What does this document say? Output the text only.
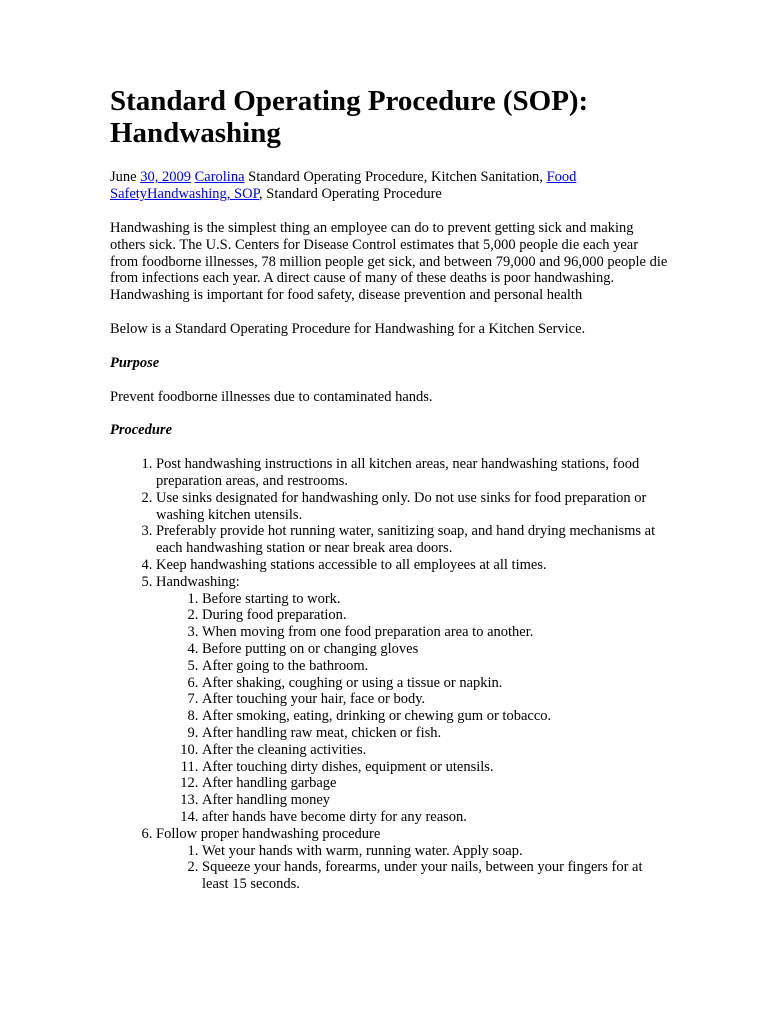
Standard Operating Procedure (SOP): Handwashing
June 30, 2009 Carolina Standard Operating Procedure, Kitchen Sanitation, Food SafetyHandwashing, SOP, Standard Operating Procedure

Handwashing is the simplest thing an employee can do to prevent getting sick and making others sick. The U.S. Centers for Disease Control estimates that 5,000 people die each year from foodborne illnesses, 78 million people get sick, and between 79,000 and 96,000 people die from infections each year. A direct cause of many of these deaths is poor handwashing. Handwashing is important for food safety, disease prevention and personal health

Below is a Standard Operating Procedure for Handwashing for a Kitchen Service.

Purpose

Prevent foodborne illnesses due to contaminated hands.

Procedure

1. Post handwashing instructions in all kitchen areas, near handwashing stations, food preparation areas, and restrooms.
2. Use sinks designated for handwashing only. Do not use sinks for food preparation or washing kitchen utensils.
3. Preferably provide hot running water, sanitizing soap, and hand drying mechanisms at each handwashing station or near break area doors.
4. Keep handwashing stations accessible to all employees at all times.
5. Handwashing:
1. Before starting to work.
2. During food preparation.
3. When moving from one food preparation area to another.
4. Before putting on or changing gloves
5. After going to the bathroom.
6. After shaking, coughing or using a tissue or napkin.
7. After touching your hair, face or body.
8. After smoking, eating, drinking or chewing gum or tobacco.
9. After handling raw meat, chicken or fish.
10. After the cleaning activities.
11. After touching dirty dishes, equipment or utensils.
12. After handling garbage
13. After handling money
14. after hands have become dirty for any reason.
6. Follow proper handwashing procedure
1. Wet your hands with warm, running water. Apply soap.
2. Squeeze your hands, forearms, under your nails, between your fingers for at least 15 seconds.
